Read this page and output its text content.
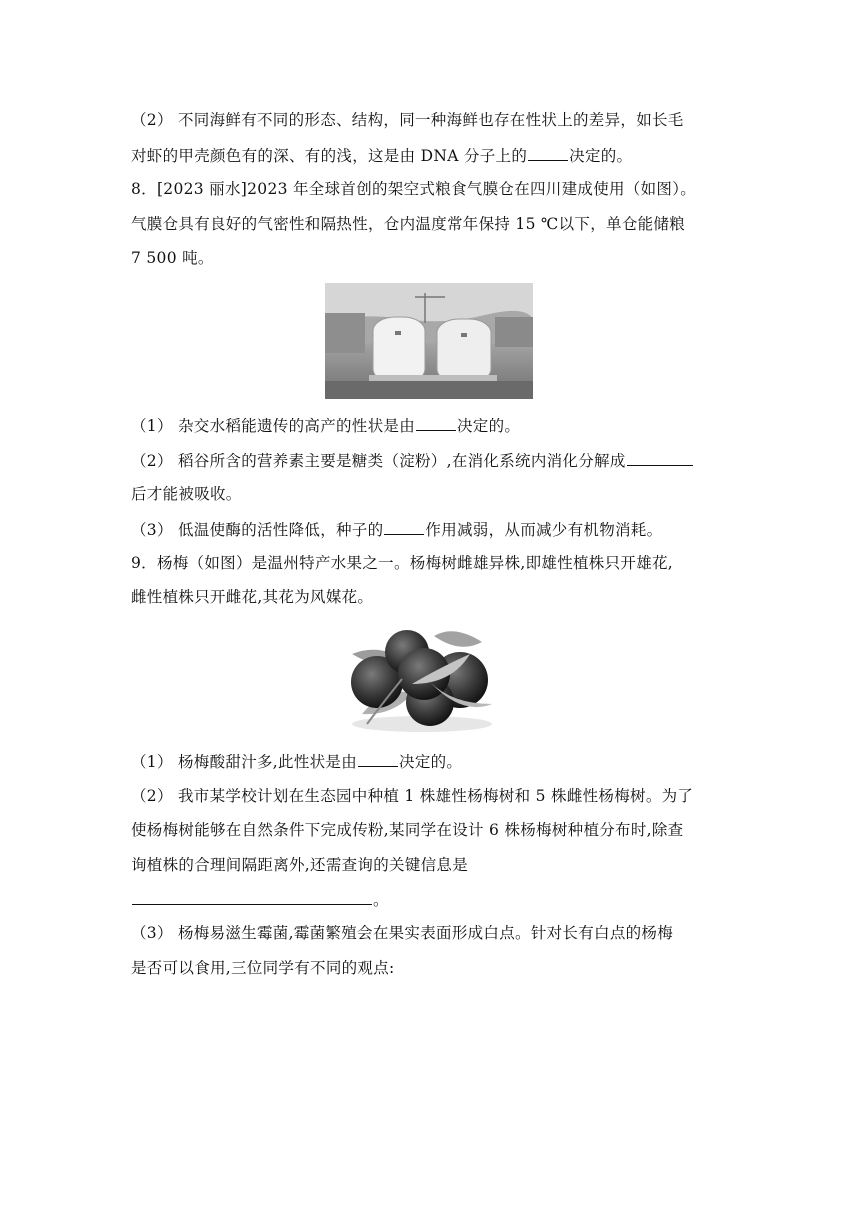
（2） 不同海鲜有不同的形态、结构，同一种海鲜也存在性状上的差异，如长毛
对虾的甲壳颜色有的深、有的浅，这是由 DNA 分子上的	决定的。
8．[2023 丽水]2023 年全球首创的架空式粮食气膜仓在四川建成使用（如图）。
气膜仓具有良好的气密性和隔热性，仓内温度常年保持 15 ℃以下，单仓能储粮
7 500 吨。
（1） 杂交水稻能遗传的高产的性状是由	决定的。
（2） 稻谷所含的营养素主要是糖类（淀粉）,在消化系统内消化分解成
后才能被吸收。
（3） 低温使酶的活性降低，种子的	作用减弱，从而减少有机物消耗。
9．杨梅（如图）是温州特产水果之一。杨梅树雌雄异株,即雄性植株只开雄花,
雌性植株只开雌花,其花为风媒花。
（1） 杨梅酸甜汁多,此性状是由	决定的。
（2） 我市某学校计划在生态园中种植 1 株雄性杨梅树和 5 株雌性杨梅树。为了
使杨梅树能够在自然条件下完成传粉,某同学在设计 6 株杨梅树种植分布时,除查
询植株的合理间隔距离外,还需查询的关键信息是
。
（3） 杨梅易滋生霉菌,霉菌繁殖会在果实表面形成白点。针对长有白点的杨梅
是否可以食用,三位同学有不同的观点:
